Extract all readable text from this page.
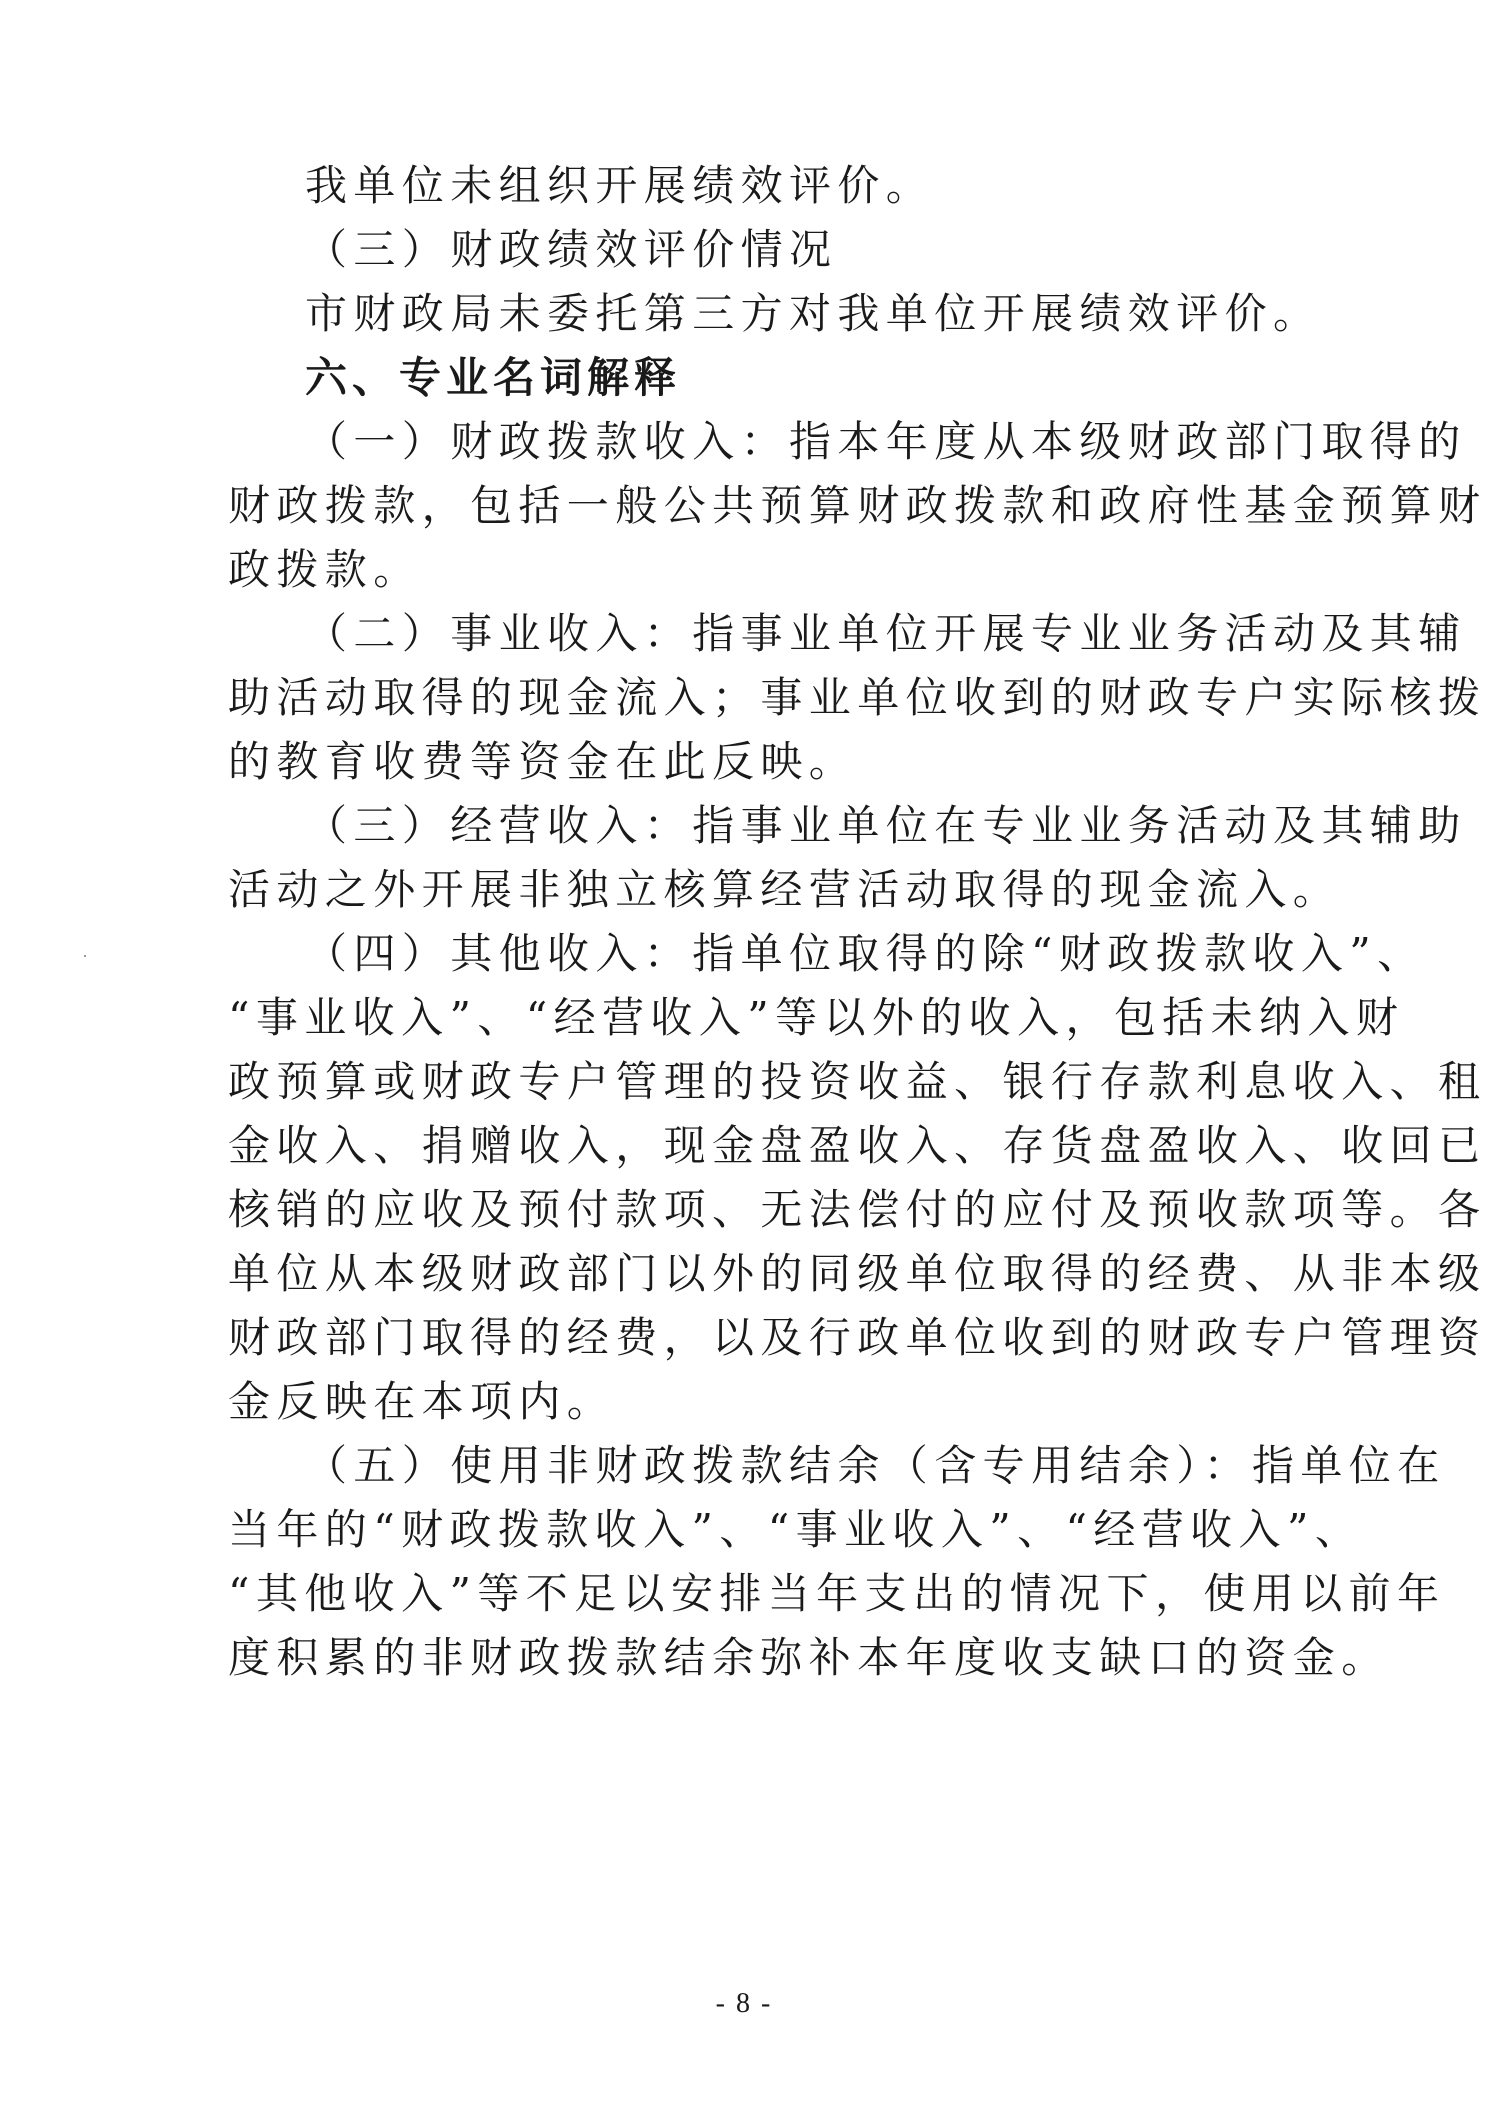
我单位未组织开展绩效评价。
（三）财政绩效评价情况
市财政局未委托第三方对我单位开展绩效评价。
六、专业名词解释
（一）财政拨款收入：指本年度从本级财政部门取得的
财政拨款，包括一般公共预算财政拨款和政府性基金预算财
政拨款。
（二）事业收入：指事业单位开展专业业务活动及其辅
助活动取得的现金流入；事业单位收到的财政专户实际核拨
的教育收费等资金在此反映。
（三）经营收入：指事业单位在专业业务活动及其辅助
活动之外开展非独立核算经营活动取得的现金流入。
（四）其他收入：指单位取得的除“财政拨款收入”、
“事业收入”、“经营收入”等以外的收入，包括未纳入财
政预算或财政专户管理的投资收益、银行存款利息收入、租
金收入、捐赠收入，现金盘盈收入、存货盘盈收入、收回已
核销的应收及预付款项、无法偿付的应付及预收款项等。各
单位从本级财政部门以外的同级单位取得的经费、从非本级
财政部门取得的经费，以及行政单位收到的财政专户管理资
金反映在本项内。
（五）使用非财政拨款结余（含专用结余）：指单位在
当年的“财政拨款收入”、“事业收入”、“经营收入”、
“其他收入”等不足以安排当年支出的情况下，使用以前年
度积累的非财政拨款结余弥补本年度收支缺口的资金。
- 8 -
